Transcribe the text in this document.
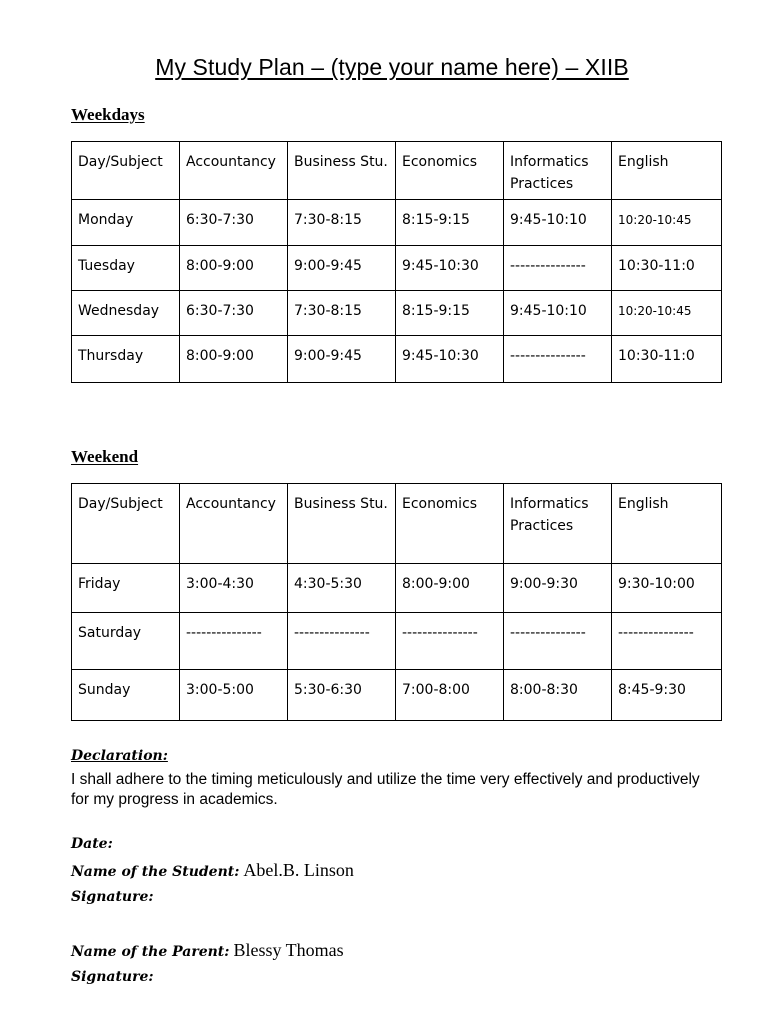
My Study Plan – (type your name here) – XIIB
Weekdays
Day/Subject	Accountancy	Business Stu.	Economics	Informatics Practices	English
Monday	6:30-7:30	7:30-8:15	8:15-9:15	9:45-10:10	10:20-10:45
Tuesday	8:00-9:00	9:00-9:45	9:45-10:30	---------------	10:30-11:0
Wednesday	6:30-7:30	7:30-8:15	8:15-9:15	9:45-10:10	10:20-10:45
Thursday	8:00-9:00	9:00-9:45	9:45-10:30	---------------	10:30-11:0
Weekend
Day/Subject	Accountancy	Business Stu.	Economics	Informatics Practices	English
Friday	3:00-4:30	4:30-5:30	8:00-9:00	9:00-9:30	9:30-10:00
Saturday	---------------	---------------	---------------	---------------	---------------
Sunday	3:00-5:00	5:30-6:30	7:00-8:00	8:00-8:30	8:45-9:30
Declaration:
I shall adhere to the timing meticulously and utilize the time very effectively and productively for my progress in academics.
Date:
Name of the Student: Abel.B. Linson
Signature:
Name of the Parent: Blessy Thomas
Signature:
